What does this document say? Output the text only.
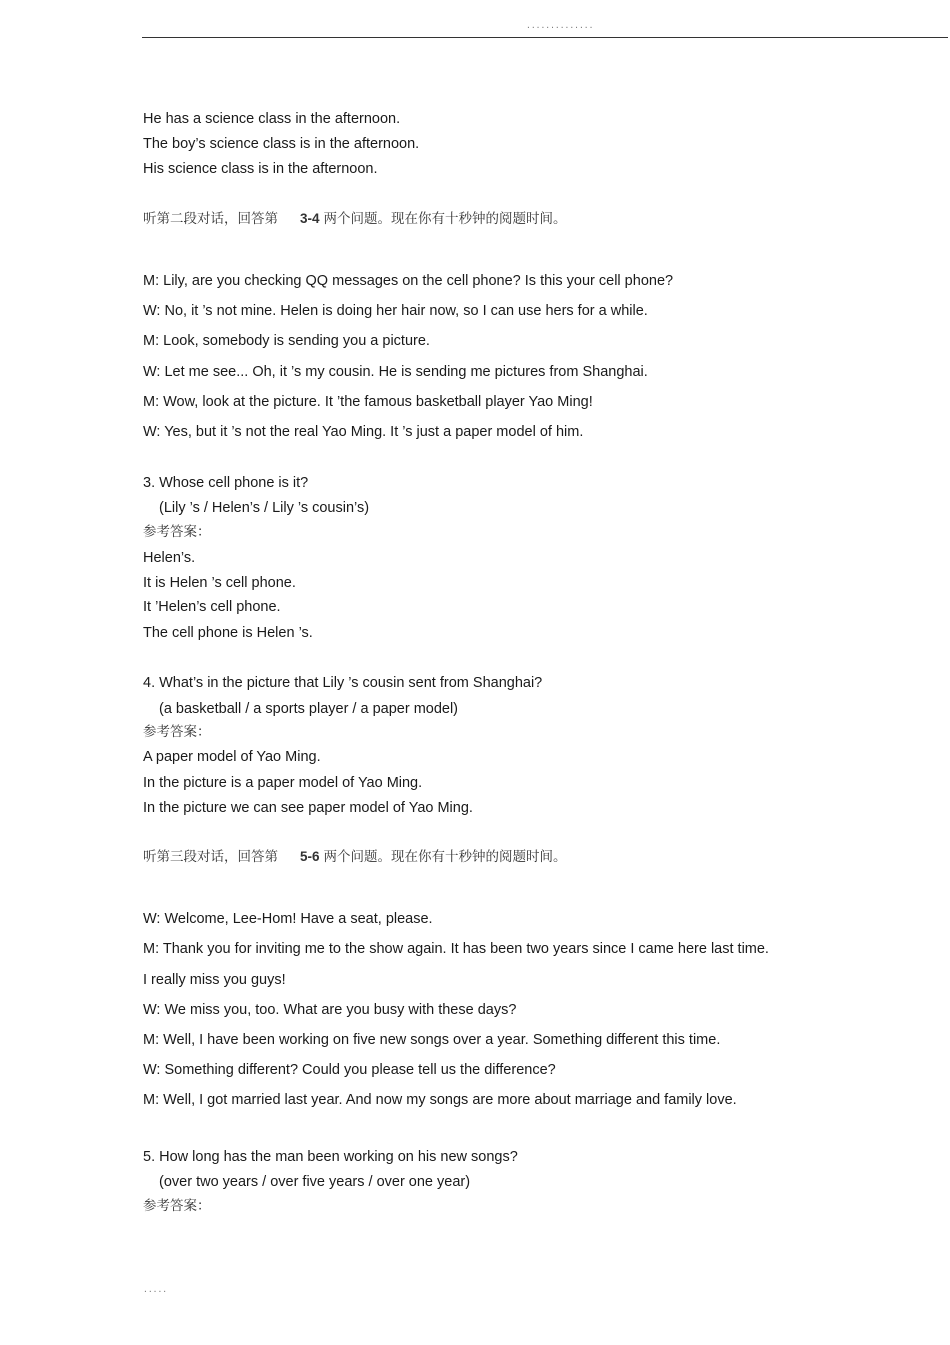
··············
He has a science class in the afternoon.
The boy’s science class is in the afternoon.
His science class is in the afternoon.
听第二段对话，回答第 3-4 两个问题。现在你有十秒钟的阅题时间。
M: Lily, are you checking QQ messages on the cell phone? Is this your cell phone?
W: No, it ’s not mine. Helen is doing her hair now, so I can use hers for a while.
M: Look, somebody is sending you a picture.
W: Let me see... Oh, it ’s my cousin. He is sending me pictures from Shanghai.
M: Wow, look at the picture. It ’the famous basketball player Yao Ming!
W: Yes, but it ’s not the real Yao Ming. It ’s just a paper model of him.
3. Whose cell phone is it?
(Lily ’s / Helen’s / Lily ’s cousin’s)
参考答案：
Helen’s.
It is Helen ’s cell phone.
It ’Helen’s cell phone.
The cell phone is Helen ’s.
4. What’s in the picture that Lily ’s cousin sent from Shanghai?
(a basketball / a sports player / a paper model)
参考答案：
A paper model of Yao Ming.
In the picture is a paper model of Yao Ming.
In the picture we can see paper model of Yao Ming.
听第三段对话，回答第 5-6 两个问题。现在你有十秒钟的阅题时间。
W: Welcome, Lee-Hom! Have a seat, please.
M: Thank you for inviting me to the show again. It has been two years since I came here last time.
I really miss you guys!
W: We miss you, too. What are you busy with these days?
M: Well, I have been working on five new songs over a year. Something different this time.
W: Something different? Could you please tell us the difference?
M: Well, I got married last year. And now my songs are more about marriage and family love.
5. How long has the man been working on his new songs?
(over two years / over five years / over one year)
参考答案：
·····
